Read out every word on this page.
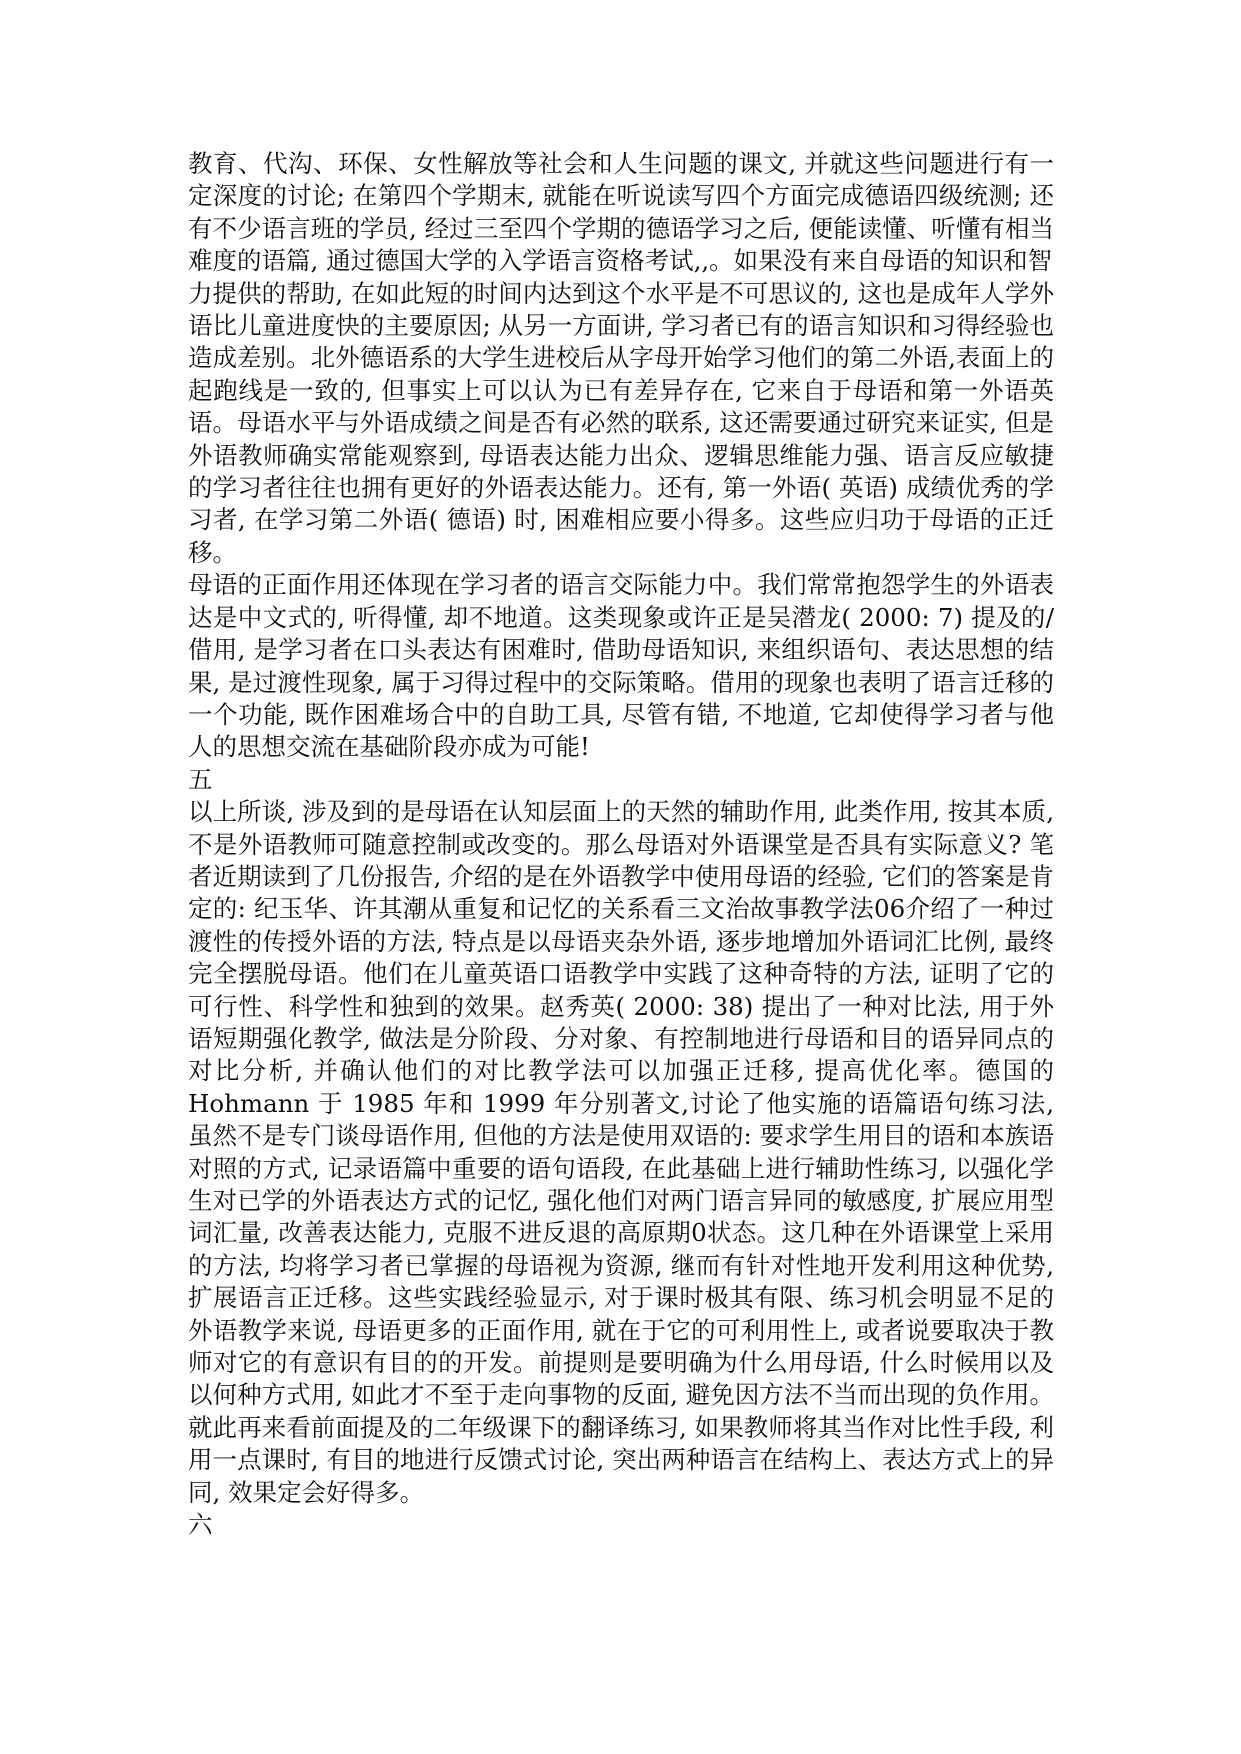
教育、代沟、环保、女性解放等社会和人生问题的课文, 并就这些问题进行有一定深度的讨论; 在第四个学期末, 就能在听说读写四个方面完成德语四级统测; 还有不少语言班的学员, 经过三至四个学期的德语学习之后, 便能读懂、听懂有相当难度的语篇, 通过德国大学的入学语言资格考试,,。如果没有来自母语的知识和智

力提供的帮助, 在如此短的时间内达到这个水平是不可思议的, 这也是成年人学外语比儿童进度快的主要原因; 从另一方面讲, 学习者已有的语言知识和习得经验也造成差别。北外德语系的大学生进校后从字母开始学习他们的第二外语,表面上的起跑线是一致的, 但事实上可以认为已有差异存在, 它来自于母语和第一外语英语。母语水平与外语成绩之间是否有必然的联系, 这还需要通过研究来证实, 但是外语教师确实常能观察到, 母语表达能力出众、逻辑思维能力强、语言反应敏捷的学习者往往也拥有更好的外语表达能力。还有, 第一外语( 英语) 成绩优秀的学习者, 在学习第二外语( 德语) 时, 困难相应要小得多。这些应归功于母语的正迁移。

母语的正面作用还体现在学习者的语言交际能力中。我们常常抱怨学生的外语表达是中文式的, 听得懂, 却不地道。这类现象或许正是吴潜龙( 2000: 7) 提及的/借用, 是学习者在口头表达有困难时, 借助母语知识, 来组织语句、表达思想的结果, 是过渡性现象, 属于习得过程中的交际策略。借用的现象也表明了语言迁移的一个功能, 既作困难场合中的自助工具, 尽管有错, 不地道, 它却使得学习者与他人的思想交流在基础阶段亦成为可能!

五

以上所谈, 涉及到的是母语在认知层面上的天然的辅助作用, 此类作用, 按其本质, 不是外语教师可随意控制或改变的。那么母语对外语课堂是否具有实际意义? 笔者近期读到了几份报告, 介绍的是在外语教学中使用母语的经验, 它们的答案是肯定的: 纪玉华、许其潮从重复和记忆的关系看三文治故事教学法06介绍了一种过渡性的传授外语的方法, 特点是以母语夹杂外语, 逐步地增加外语词汇比例, 最终完全摆脱母语。他们在儿童英语口语教学中实践了这种奇特的方法, 证明了它的可行性、科学性和独到的效果。赵秀英( 2000: 38) 提出了一种对比法, 用于外语短期强化教学, 做法是分阶段、分对象、有控制地进行母语和目的语异同点的对比分析, 并确认他们的对比教学法可以加强正迁移, 提高优化率。德国的 Hohmann 于 1985 年和 1999 年分别著文,讨论了他实施的语篇语句练习法, 虽然不是专门谈母语作用, 但他的方法是使用双语的: 要求学生用目的语和本族语对照的方式, 记录语篇中重要的语句语段, 在此基础上进行辅助性练习, 以强化学生对已学的外语表达方式的记忆, 强化他们对两门语言异同的敏感度, 扩展应用型词汇量, 改善表达能力, 克服不进反退的高原期0状态。这几种在外语课堂上采用的方法, 均将学习者已掌握的母语视为资源, 继而有针对性地开发利用这种优势, 扩展语言正迁移。这些实践经验显示, 对于课时极其有限、练习机会明显不足的外语教学来说, 母语更多的正面作用, 就在于它的可利用性上, 或者说要取决于教师对它的有意识有目的的开发。前提则是要明确为什么用母语, 什么时候用以及以何种方式用, 如此才不至于走向事物的反面, 避免因方法不当而出现的负作用。就此再来看前面提及的二年级课下的翻译练习, 如果教师将其当作对比性手段, 利用一点课时, 有目的地进行反馈式讨论, 突出两种语言在结构上、表达方式上的异同, 效果定会好得多。

六
